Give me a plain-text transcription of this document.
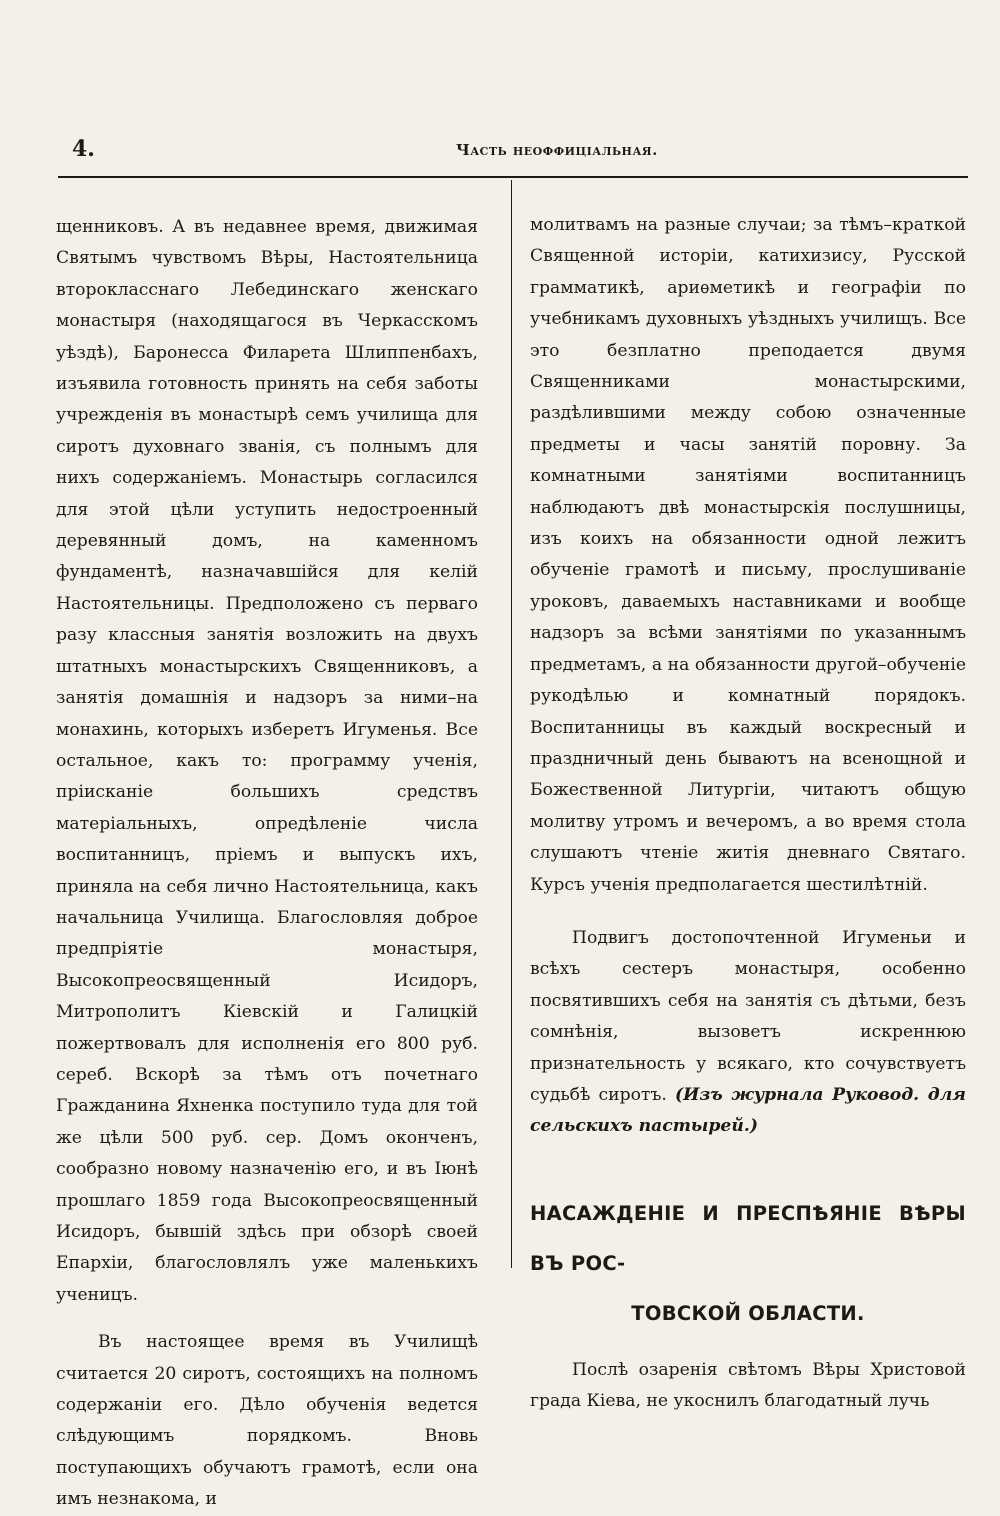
4.	Часть неоффиціальная.

щенниковъ. А въ недавнее время, движимая Святымъ чувствомъ Вѣры, Настоятельница второкласснаго Лебединскаго женскаго монастыря (находящагося въ Черкасскомъ уѣздѣ), Баронесса Филарета Шлиппенбахъ, изъявила готовность принять на себя заботы учрежденія въ монастырѣ семъ училища для сиротъ духовнаго званія, съ полнымъ для нихъ содержаніемъ. Монастырь согласился для этой цѣли уступить недостроенный деревянный домъ, на каменномъ фундаментѣ, назначавшійся для келій Настоятельницы. Предположено съ перваго разу классныя занятія возложить на двухъ штатныхъ монастырскихъ Священниковъ, а занятія домашнія и надзоръ за ними–на монахинь, которыхъ изберетъ Игуменья. Все остальное, какъ то: программу ученія, пріисканіе большихъ средствъ матеріальныхъ, опредѣленіе числа воспитанницъ, пріемъ и выпускъ ихъ, приняла на себя лично Настоятельница, какъ начальница Училища. Благословляя доброе предпріятіе монастыря, Высокопреосвященный Исидоръ, Митрополитъ Кіевскій и Галицкій пожертвовалъ для исполненія его 800 руб. сереб. Вскорѣ за тѣмъ отъ почетнаго Гражданина Яхненка поступило туда для той же цѣли 500 руб. сер. Домъ оконченъ, сообразно новому назначенію его, и въ Іюнѣ прошлаго 1859 года Высокопреосвященный Исидоръ, бывшій здѣсь при обзорѣ своей Епархіи, благословлялъ уже маленькихъ ученицъ.

Въ настоящее время въ Училищѣ считается 20 сиротъ, состоящихъ на полномъ содержаніи его. Дѣло обученія ведется слѣдующимъ порядкомъ. Вновь поступающихъ обучаютъ грамотѣ, если она имъ незнакома, и

молитвамъ на разные случаи; за тѣмъ–краткой Священной исторіи, катихизису, Русской грамматикѣ, ариѳметикѣ и географіи по учебникамъ духовныхъ уѣздныхъ училищъ. Все это безплатно преподается двумя Священниками монастырскими, раздѣлившими между собою означенные предметы и часы занятій поровну. За комнатными занятіями воспитанницъ наблюдаютъ двѣ монастырскія послушницы, изъ коихъ на обязанности одной лежитъ обученіе грамотѣ и письму, прослушиваніе уроковъ, даваемыхъ наставниками и вообще надзоръ за всѣми занятіями по указаннымъ предметамъ, а на обязанности другой–обученіе рукодѣлью и комнатный порядокъ. Воспитанницы въ каждый воскресный и праздничный день бываютъ на всенощной и Божественной Литургіи, читаютъ общую молитву утромъ и вечеромъ, а во время стола слушаютъ чтеніе житія дневнаго Святаго. Курсъ ученія предполагается шестилѣтній.

Подвигъ достопочтенной Игуменьи и всѣхъ сестеръ монастыря, особенно посвятившихъ себя на занятія съ дѣтьми, безъ сомнѣнія, вызоветъ искреннюю признательность у всякаго, кто сочувствуетъ судьбѣ сиротъ. (Изъ журнала Руковод. для сельскихъ пастырей.)

НАСАЖДЕНІЕ И ПРЕСПѢЯНІЕ ВѢРЫ ВЪ РОС-
ТОВСКОЙ ОБЛАСТИ.

Послѣ озаренія свѣтомъ Вѣры Христовой града Кіева, не укоснилъ благодатный лучь
